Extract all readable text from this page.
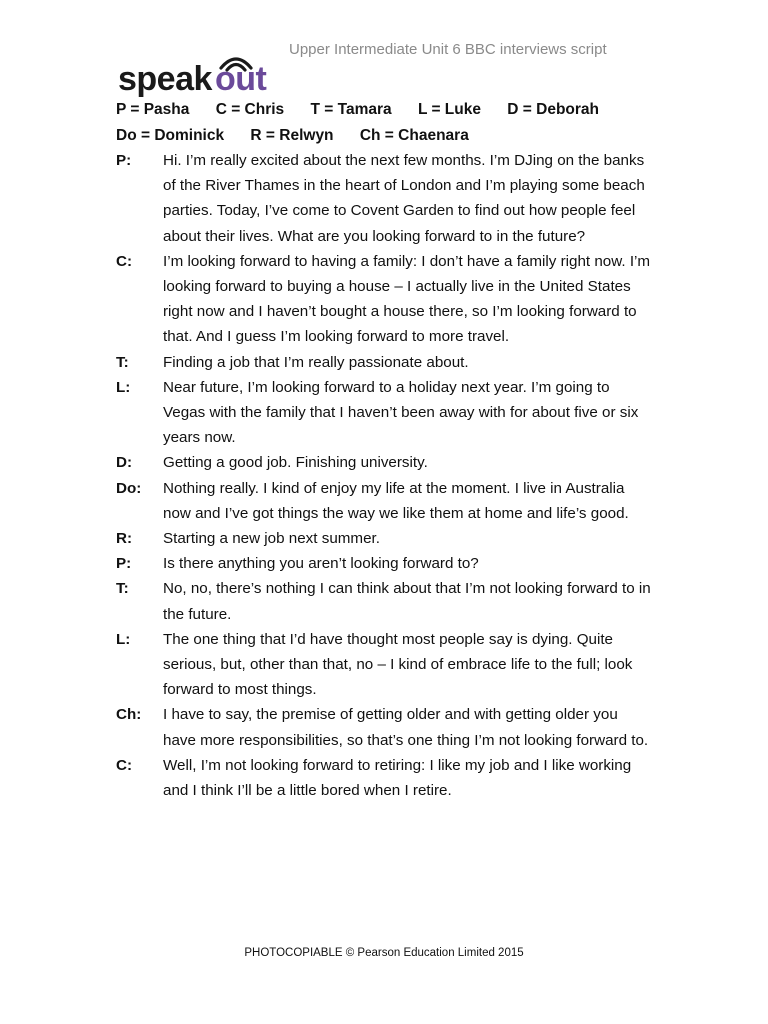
speak out
Upper Intermediate Unit 6 BBC interviews script
P = Pasha C = Chris T = Tamara L = Luke D = Deborah
Do = Dominick R = Relwyn Ch = Chaenara
P:	Hi. I’m really excited about the next few months. I’m DJing on the banks of the River Thames in the heart of London and I’m playing some beach parties. Today, I’ve come to Covent Garden to find out how people feel about their lives. What are you looking forward to in the future?
C:	I’m looking forward to having a family: I don’t have a family right now. I’m looking forward to buying a house – I actually live in the United States right now and I haven’t bought a house there, so I’m looking forward to that. And I guess I’m looking forward to more travel.
T:	Finding a job that I’m really passionate about.
L:	Near future, I’m looking forward to a holiday next year. I’m going to Vegas with the family that I haven’t been away with for about five or six years now.
D:	Getting a good job. Finishing university.
Do:	Nothing really. I kind of enjoy my life at the moment. I live in Australia now and I’ve got things the way we like them at home and life’s good.
R:	Starting a new job next summer.
P:	Is there anything you aren’t looking forward to?
T:	No, no, there’s nothing I can think about that I’m not looking forward to in the future.
L:	The one thing that I’d have thought most people say is dying. Quite serious, but, other than that, no – I kind of embrace life to the full; look forward to most things.
Ch:	I have to say, the premise of getting older and with getting older you have more responsibilities, so that’s one thing I’m not looking forward to.
C:	Well, I’m not looking forward to retiring: I like my job and I like working and I think I’ll be a little bored when I retire.
PHOTOCOPIABLE © Pearson Education Limited 2015
